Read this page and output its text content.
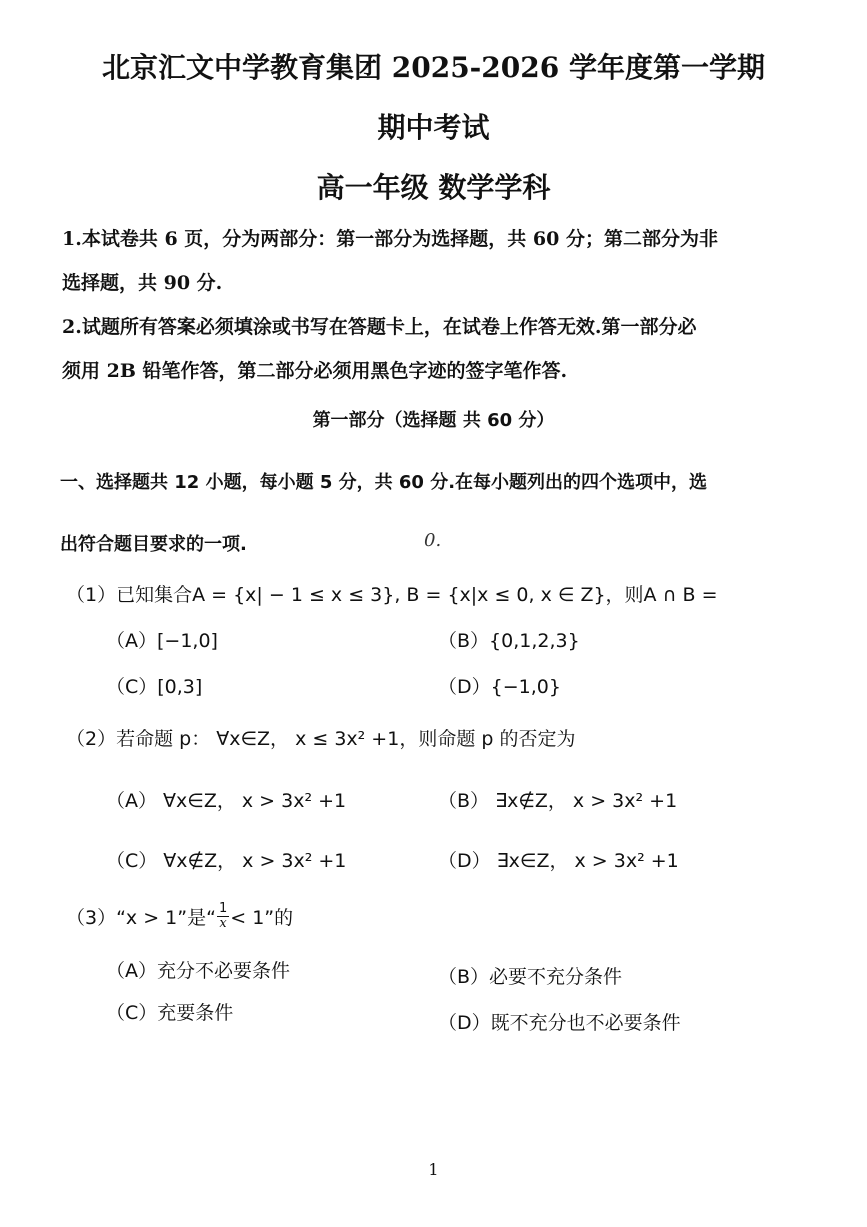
北京汇文中学教育集团 2025-2026 学年度第一学期
期中考试
高一年级 数学学科
1.本试卷共 6 页，分为两部分：第一部分为选择题，共 60 分；第二部分为非
选择题，共 90 分.
2.试题所有答案必须填涂或书写在答题卡上，在试卷上作答无效.第一部分必
须用 2B 铅笔作答，第二部分必须用黑色字迹的签字笔作答.
第一部分（选择题 共 60 分）
一、选择题共 12 小题，每小题 5 分，共 60 分.在每小题列出的四个选项中，选
出符合题目要求的一项.	0.
（1）已知集合A = {x| − 1 ≤ x ≤ 3}, B = {x|x ≤ 0, x ∈ Z}，则A ∩ B =
（A）[−1,0]	（B）{0,1,2,3}
（C）[0,3]	（D）{−1,0}
（2）若命题 p： ∀x∈Z， x ≤ 3x² +1，则命题 p 的否定为
（A） ∀x∈Z， x > 3x² +1	（B） ∃x∉Z， x > 3x² +1
（C） ∀x∉Z， x > 3x² +1	（D） ∃x∈Z， x > 3x² +1
（3）“x > 1”是“ $\frac{1}{x} < 1$”的
（A）充分不必要条件	（B）必要不充分条件
（C）充要条件	（D）既不充分也不必要条件
1
